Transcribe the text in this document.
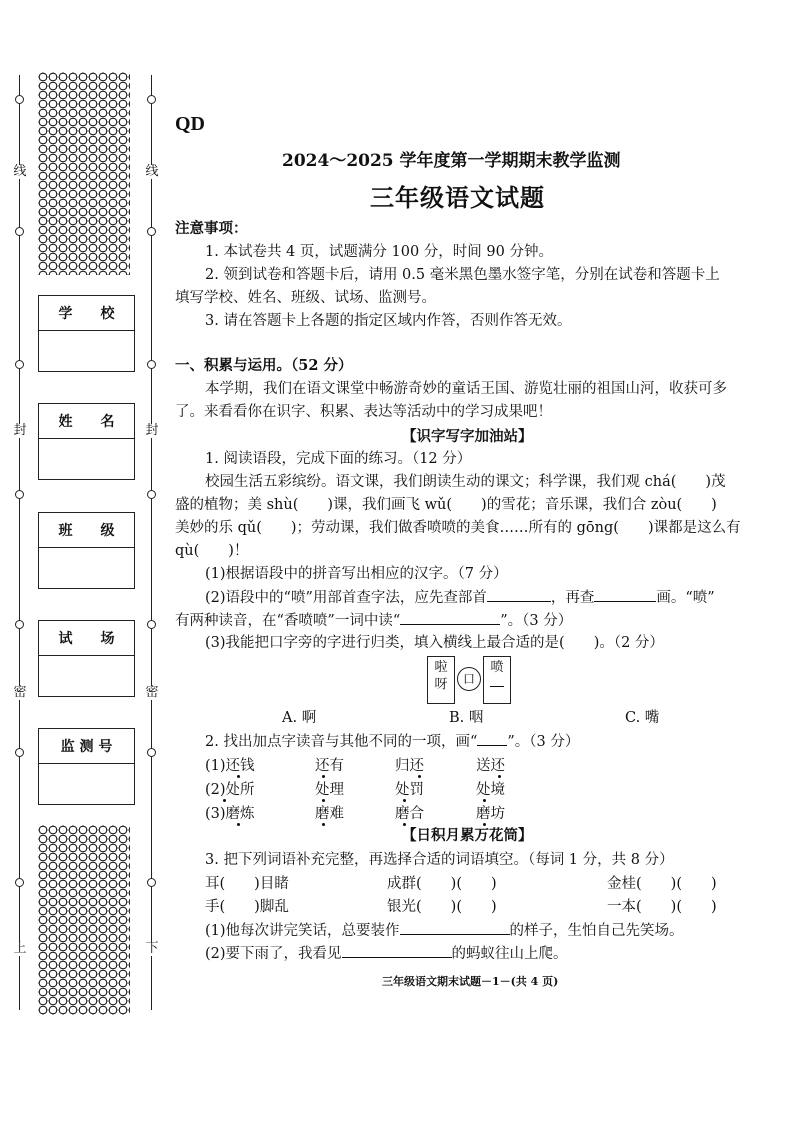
线
封
密
上
线
封
密
下
学　　校
姓　　名
班　　级
试　　场
监 测 号
QD
2024～2025 学年度第一学期期末教学监测
三年级语文试题
注意事项：
1. 本试卷共 4 页，试题满分 100 分，时间 90 分钟。
2. 领到试卷和答题卡后，请用 0.5 毫米黑色墨水签字笔，分别在试卷和答题卡上
填写学校、姓名、班级、试场、监测号。
3. 请在答题卡上各题的指定区域内作答，否则作答无效。
一、积累与运用。（52 分）
本学期，我们在语文课堂中畅游奇妙的童话王国、游览壮丽的祖国山河，收获可多
了。来看看你在识字、积累、表达等活动中的学习成果吧！
【识字写字加油站】
1. 阅读语段，完成下面的练习。（12 分）
校园生活五彩缤纷。语文课，我们朗读生动的课文；科学课，我们观 chá(　　)茂
盛的植物；美 shù(　　)课，我们画飞 wǔ(　　)的雪花；音乐课，我们合 zòu(　　)
美妙的乐 qǔ(　　)；劳动课，我们做香喷喷的美食……所有的 gōng(　　)课都是这么有
qù(　　)！
(1)根据语段中的拼音写出相应的汉字。（7 分）
(2)语段中的“喷”用部首查字法，应先查部首	，再查	画。“喷”
有两种读音，在“香喷喷”一词中读“	”。（3 分）
(3)我能把口字旁的字进行归类，填入横线上最合适的是(　　)。（2 分）
啦
呀	口
喷
A. 啊	B. 咽	C. 嘴
2. 找出加点字读音与其他不同的一项，画“ ”。（3 分）
(1)还钱	还有	归还	送还
(2)处所	处理	处罚	处境
(3)磨炼	磨难	磨合	磨坊
【日积月累万花筒】
3. 把下列词语补充完整，再选择合适的词语填空。（每词 1 分，共 8 分）
耳(　　)目睹	成群(　　)(　　)	金桂(　　)(　　)
手(　　)脚乱	银光(　　)(　　)	一本(　　)(　　)
(1)他每次讲完笑话，总要装作	的样子，生怕自己先笑场。
(2)要下雨了，我看见	的蚂蚁往山上爬。
三年级语文期末试题－1－(共 4 页)
